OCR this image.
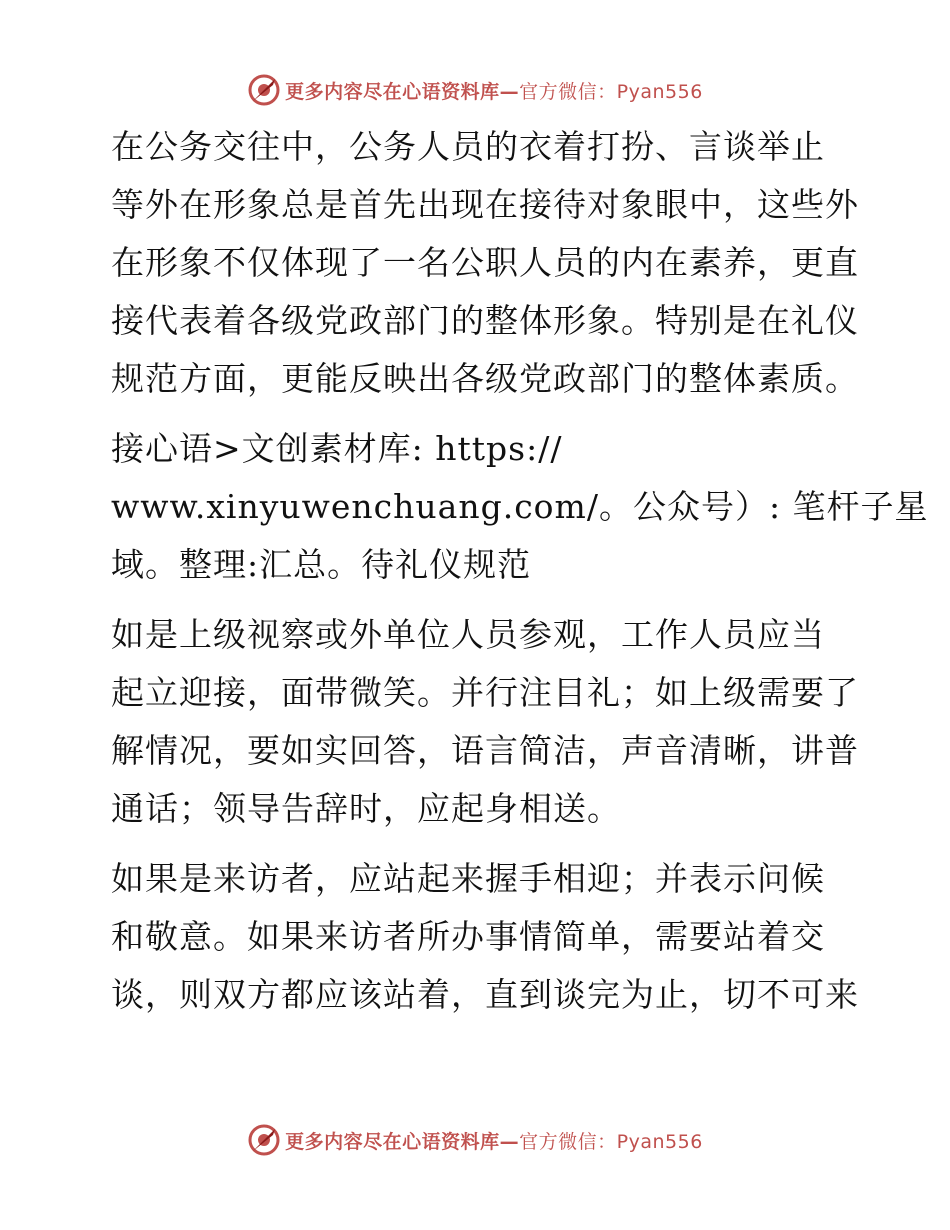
更多内容尽在心语资料库—官方微信：Pyan556
在公务交往中，公务人员的衣着打扮、言谈举止
等外在形象总是首先出现在接待对象眼中，这些外
在形象不仅体现了一名公职人员的内在素养，更直
接代表着各级党政部门的整体形象。特别是在礼仪
规范方面，更能反映出各级党政部门的整体素质。
接心语>文创素材库: https://
www.xinyuwenchuang.com/。公众号）: 笔杆子星
域。整理:汇总。待礼仪规范
如是上级视察或外单位人员参观，工作人员应当
起立迎接，面带微笑。并行注目礼；如上级需要了
解情况，要如实回答，语言简洁，声音清晰，讲普
通话；领导告辞时，应起身相送。
如果是来访者，应站起来握手相迎；并表示问候
和敬意。如果来访者所办事情简单，需要站着交
谈，则双方都应该站着，直到谈完为止，切不可来
更多内容尽在心语资料库—官方微信：Pyan556
